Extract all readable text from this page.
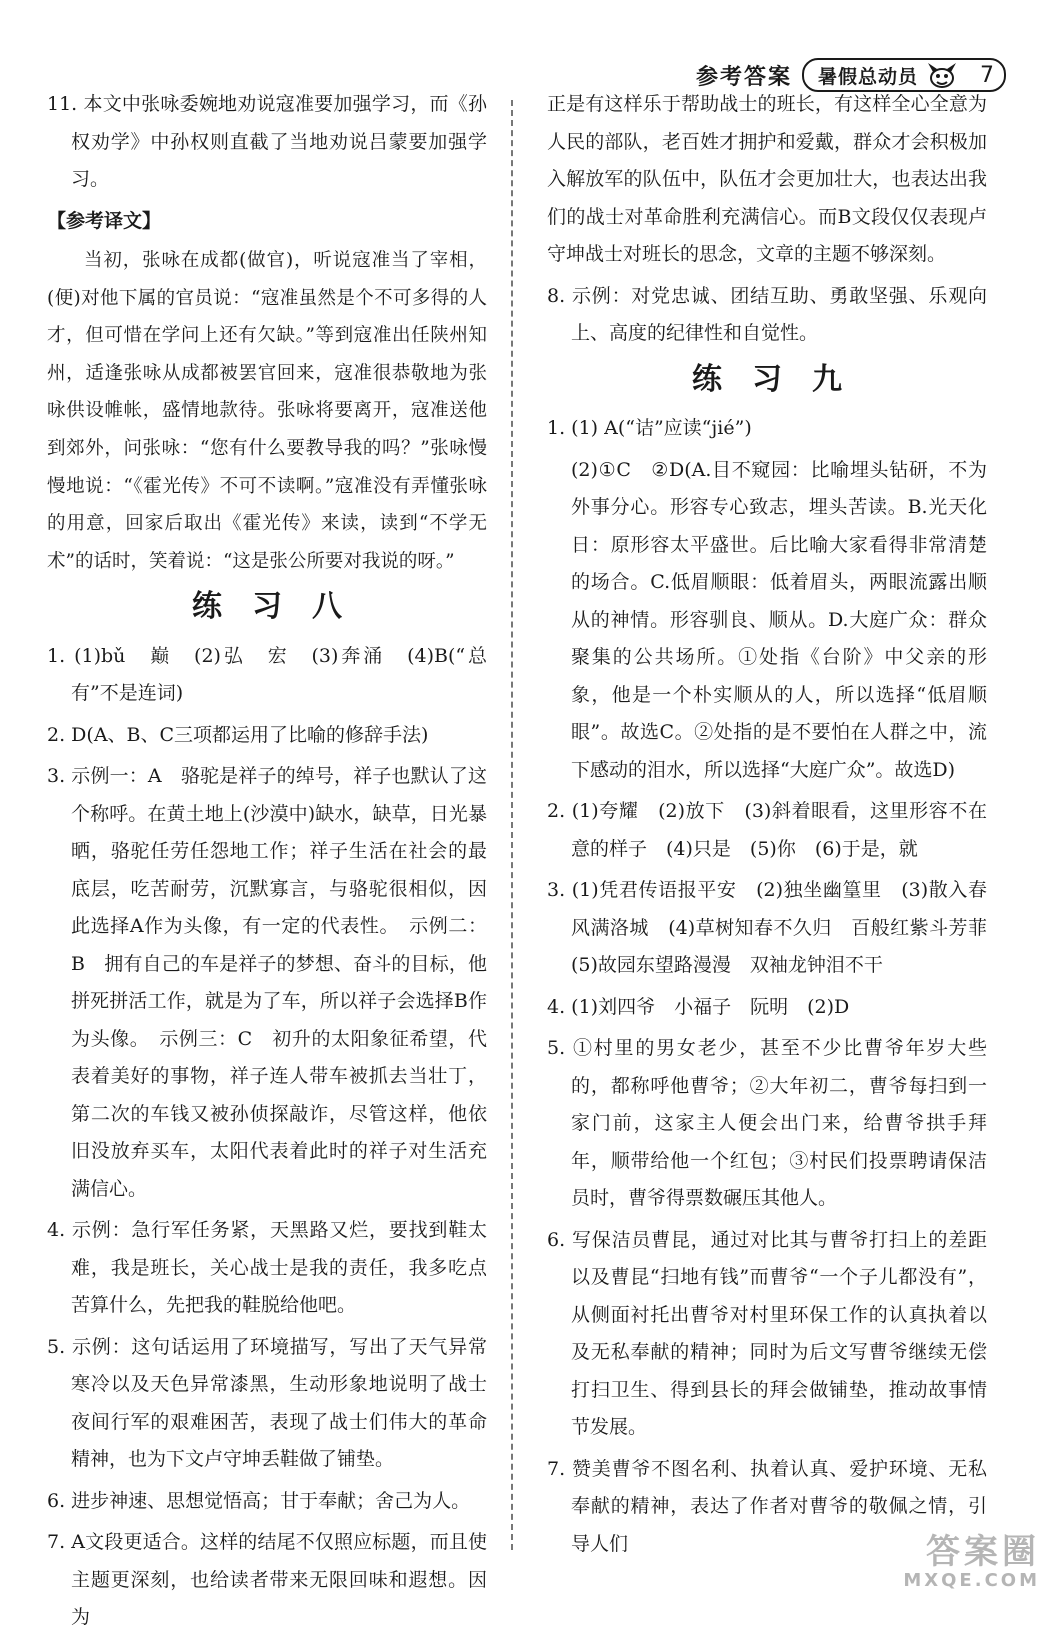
参考答案 暑假总动员	7

11. 本文中张咏委婉地劝说寇准要加强学习，而《孙权劝学》中孙权则直截了当地劝说吕蒙要加强学习。

【参考译文】

当初，张咏在成都(做官)，听说寇准当了宰相，(便)对他下属的官员说：“寇准虽然是个不可多得的人才，但可惜在学问上还有欠缺。”等到寇准出任陕州知州，适逢张咏从成都被罢官回来，寇准很恭敬地为张咏供设帷帐，盛情地款待。张咏将要离开，寇准送他到郊外，问张咏：“您有什么要教导我的吗？”张咏慢慢地说：“《霍光传》不可不读啊。”寇准没有弄懂张咏的用意，回家后取出《霍光传》来读，读到“不学无术”的话时，笑着说：“这是张公所要对我说的呀。”

练习八

1. (1)bǔ　巅　(2)弘　宏　(3)奔涌　(4)B(“总有”不是连词)

2. D(A、B、C三项都运用了比喻的修辞手法)

3. 示例一：A　骆驼是祥子的绰号，祥子也默认了这个称呼。在黄土地上(沙漠中)缺水，缺草，日光暴晒，骆驼任劳任怨地工作；祥子生活在社会的最底层，吃苦耐劳，沉默寡言，与骆驼很相似，因此选择A作为头像，有一定的代表性。　示例二：B　拥有自己的车是祥子的梦想、奋斗的目标，他拼死拼活工作，就是为了车，所以祥子会选择B作为头像。　示例三：C　初升的太阳象征希望，代表着美好的事物，祥子连人带车被抓去当壮丁，第二次的车钱又被孙侦探敲诈，尽管这样，他依旧没放弃买车，太阳代表着此时的祥子对生活充满信心。

4. 示例：急行军任务紧，天黑路又烂，要找到鞋太难，我是班长，关心战士是我的责任，我多吃点苦算什么，先把我的鞋脱给他吧。

5. 示例：这句话运用了环境描写，写出了天气异常寒冷以及天色异常漆黑，生动形象地说明了战士夜间行军的艰难困苦，表现了战士们伟大的革命精神，也为下文卢守坤丢鞋做了铺垫。

6. 进步神速、思想觉悟高；甘于奉献；舍己为人。

7. A文段更适合。这样的结尾不仅照应标题，而且使主题更深刻，也给读者带来无限回味和遐想。因为

正是有这样乐于帮助战士的班长，有这样全心全意为人民的部队，老百姓才拥护和爱戴，群众才会积极加入解放军的队伍中，队伍才会更加壮大，也表达出我们的战士对革命胜利充满信心。而B文段仅仅表现卢守坤战士对班长的思念，文章的主题不够深刻。

8. 示例：对党忠诚、团结互助、勇敢坚强、乐观向上、高度的纪律性和自觉性。

练习九

1. (1) A(“诘”应读“jié”)

(2)①C　②D(A.目不窥园：比喻埋头钻研，不为外事分心。形容专心致志，埋头苦读。B.光天化日：原形容太平盛世。后比喻大家看得非常清楚的场合。C.低眉顺眼：低着眉头，两眼流露出顺从的神情。形容驯良、顺从。D.大庭广众：群众聚集的公共场所。①处指《台阶》中父亲的形象，他是一个朴实顺从的人，所以选择“低眉顺眼”。故选C。②处指的是不要怕在人群之中，流下感动的泪水，所以选择“大庭广众”。故选D)

2. (1)夸耀　(2)放下　(3)斜着眼看，这里形容不在意的样子　(4)只是　(5)你　(6)于是，就

3. (1)凭君传语报平安　(2)独坐幽篁里　(3)散入春风满洛城　(4)草树知春不久归　百般红紫斗芳菲　(5)故园东望路漫漫　双袖龙钟泪不干

4. (1)刘四爷　小福子　阮明　(2)D

5. ①村里的男女老少，甚至不少比曹爷年岁大些的，都称呼他曹爷；②大年初二，曹爷每扫到一家门前，这家主人便会出门来，给曹爷拱手拜年，顺带给他一个红包；③村民们投票聘请保洁员时，曹爷得票数碾压其他人。

6. 写保洁员曹昆，通过对比其与曹爷打扫上的差距以及曹昆“扫地有钱”而曹爷“一个子儿都没有”，从侧面衬托出曹爷对村里环保工作的认真执着以及无私奉献的精神；同时为后文写曹爷继续无偿打扫卫生、得到县长的拜会做铺垫，推动故事情节发展。

7. 赞美曹爷不图名利、执着认真、爱护环境、无私奉献的精神，表达了作者对曹爷的敬佩之情，引导人们	答案圈
MXQE.COM
